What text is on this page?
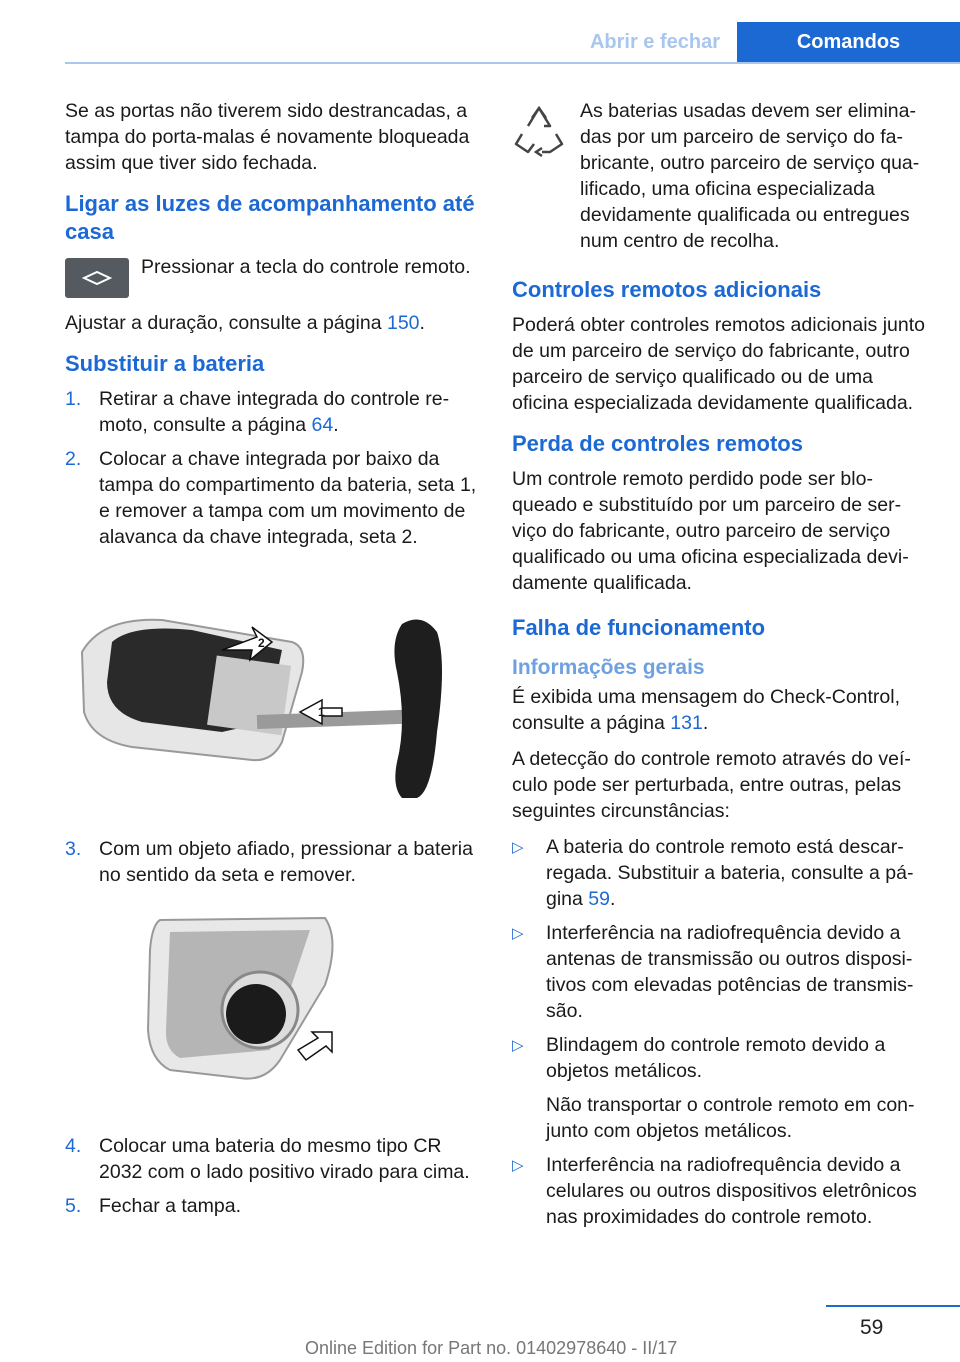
Abrir e fechar	Comandos

Se as portas não tiverem sido destrancadas, a tampa do porta-malas é novamente bloqueada assim que tiver sido fechada.

Ligar as luzes de acompanhamento até casa
Pressionar a tecla do controle remoto.

Ajustar a duração, consulte a página 150.

Substituir a bateria
1. Retirar a chave integrada do controle remoto, consulte a página 64.
2. Colocar a chave integrada por baixo da tampa do compartimento da bateria, seta 1, e remover a tampa com um movimento de alavanca da chave integrada, seta 2.
2
1
3. Com um objeto afiado, pressionar a bateria no sentido da seta e remover.
4. Colocar uma bateria do mesmo tipo CR 2032 com o lado positivo virado para cima.
5. Fechar a tampa.
As baterias usadas devem ser eliminadas por um parceiro de serviço do fabricante, outro parceiro de serviço qualificado, uma oficina especializada devidamente qualificada ou entregues num centro de recolha.
Controles remotos adicionais

Poderá obter controles remotos adicionais junto de um parceiro de serviço do fabricante, outro parceiro de serviço qualificado ou de uma oficina especializada devidamente qualificada.

Perda de controles remotos

Um controle remoto perdido pode ser bloqueado e substituído por um parceiro de serviço do fabricante, outro parceiro de serviço qualificado ou uma oficina especializada devidamente qualificada.

Falha de funcionamento
Informações gerais

É exibida uma mensagem do Check-Control, consulte a página 131.

A detecção do controle remoto através do veículo pode ser perturbada, entre outras, pelas seguintes circunstâncias:

▷	A bateria do controle remoto está descarregada. Substituir a bateria, consulte a página 59.
▷	Interferência na radiofrequência devido a antenas de transmissão ou outros dispositivos com elevadas potências de transmissão.
▷	Blindagem do controle remoto devido a objetos metálicos.
Não transportar o controle remoto em conjunto com objetos metálicos.
▷	Interferência na radiofrequência devido a celulares ou outros dispositivos eletrônicos nas proximidades do controle remoto.
59
Online Edition for Part no. 01402978640 - II/17
